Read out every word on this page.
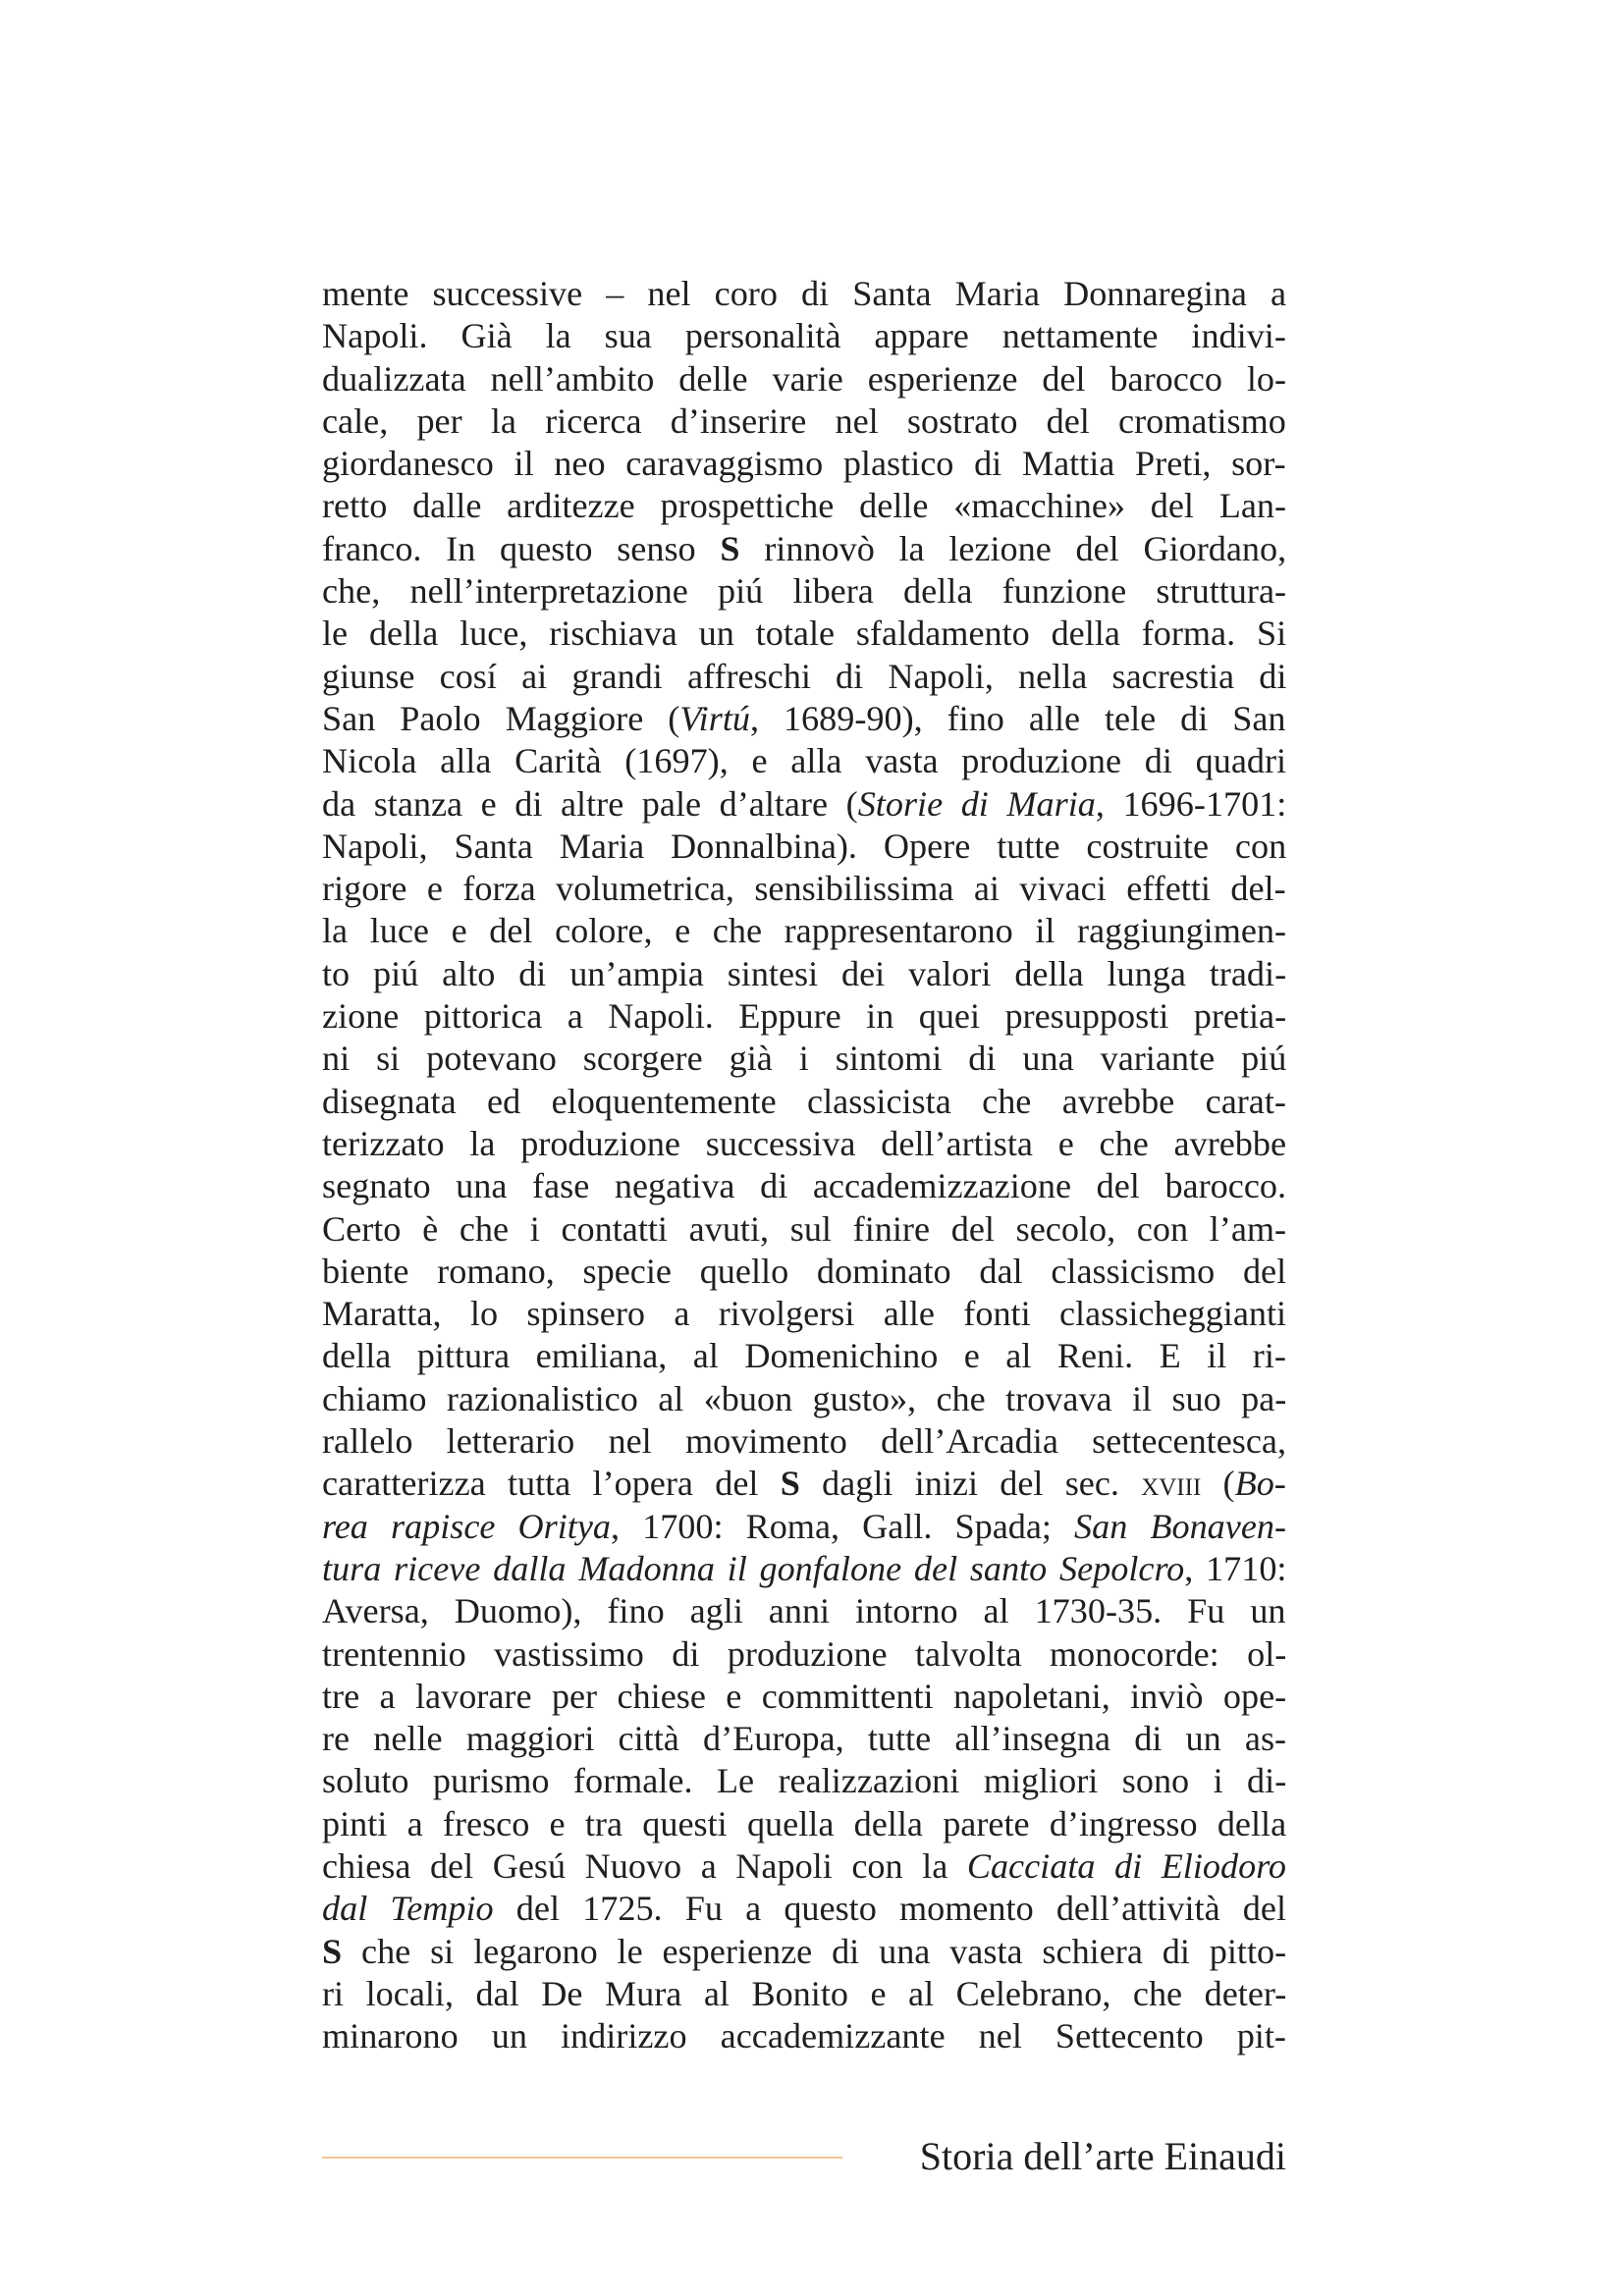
mente successive – nel coro di Santa Maria Donnaregina a
Napoli. Già la sua personalità appare nettamente indivi-
dualizzata nell’ambito delle varie esperienze del barocco lo-
cale, per la ricerca d’inserire nel sostrato del cromatismo
giordanesco il neo caravaggismo plastico di Mattia Preti, sor-
retto dalle arditezze prospettiche delle «macchine» del Lan-
franco. In questo senso S rinnovò la lezione del Giordano,
che, nell’interpretazione piú libera della funzione struttura-
le della luce, rischiava un totale sfaldamento della forma. Si
giunse cosí ai grandi affreschi di Napoli, nella sacrestia di
San Paolo Maggiore (Virtú, 1689-90), fino alle tele di San
Nicola alla Carità (1697), e alla vasta produzione di quadri
da stanza e di altre pale d’altare (Storie di Maria, 1696-1701:
Napoli, Santa Maria Donnalbina). Opere tutte costruite con
rigore e forza volumetrica, sensibilissima ai vivaci effetti del-
la luce e del colore, e che rappresentarono il raggiungimen-
to piú alto di un’ampia sintesi dei valori della lunga tradi-
zione pittorica a Napoli. Eppure in quei presupposti pretia-
ni si potevano scorgere già i sintomi di una variante piú
disegnata ed eloquentemente classicista che avrebbe carat-
terizzato la produzione successiva dell’artista e che avrebbe
segnato una fase negativa di accademizzazione del barocco.
Certo è che i contatti avuti, sul finire del secolo, con l’am-
biente romano, specie quello dominato dal classicismo del
Maratta, lo spinsero a rivolgersi alle fonti classicheggianti
della pittura emiliana, al Domenichino e al Reni. E il ri-
chiamo razionalistico al «buon gusto», che trovava il suo pa-
rallelo letterario nel movimento dell’Arcadia settecentesca,
caratterizza tutta l’opera del S dagli inizi del sec. xviii (Bo-
rea rapisce Oritya, 1700: Roma, Gall. Spada; San Bonaven-
tura riceve dalla Madonna il gonfalone del santo Sepolcro, 1710:
Aversa, Duomo), fino agli anni intorno al 1730-35. Fu un
trentennio vastissimo di produzione talvolta monocorde: ol-
tre a lavorare per chiese e committenti napoletani, inviò ope-
re nelle maggiori città d’Europa, tutte all’insegna di un as-
soluto purismo formale. Le realizzazioni migliori sono i di-
pinti a fresco e tra questi quella della parete d’ingresso della
chiesa del Gesú Nuovo a Napoli con la Cacciata di Eliodoro
dal Tempio del 1725. Fu a questo momento dell’attività del
S che si legarono le esperienze di una vasta schiera di pitto-
ri locali, dal De Mura al Bonito e al Celebrano, che deter-
minarono un indirizzo accademizzante nel Settecento pit-
Storia dell’arte Einaudi
